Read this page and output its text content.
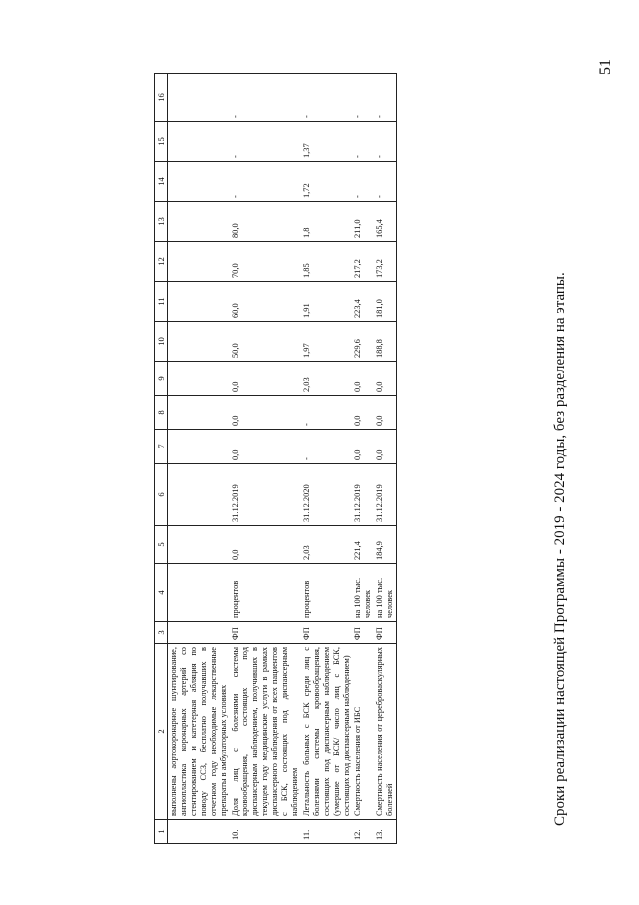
51
1	2	3	4	5	6	7	8	9	10	11	12	13	14	15	16
	выполнены аортокоронарное шунтирование, ангиопластика коронарных артерий со стентированием и катетерная абляция по поводу ССЗ, бесплатно получавших в отчетном году необходимые лекарственные препараты в амбулаторных условиях														
10.	Доля лиц с болезнями системы кровообращения, состоящих под диспансерным наблюдением, получивших в текущем году медицинские услуги в рамках диспансерного наблюдения от всех пациентов с БСК, состоящих под диспансерным наблюдением	ФП	процентов	0,0	31.12.2019	0,0	0,0	0,0	50,0	60,0	70,0	80,0	-	-	-
11.	Летальность больных с БСК среди лиц с болезнями системы кровообращения, состоящих под диспансерным наблюдением (умершие от БСК/ число лиц с БСК, состоящих под диспансерным наблюдением)	ФП	процентов	2,03	31.12.2020	-	-	2,03	1,97	1,91	1,85	1,8	1,72	1,37	-
12.	Смертность населения от ИБС	ФП	на 100 тыс. человек	221,4	31.12.2019	0,0	0,0	0,0	229,6	223,4	217,2	211,0	-	-	-
13.	Смертность населения от цереброваскулярных болезней	ФП	на 100 тыс. человек	184,9	31.12.2019	0,0	0,0	0,0	188,8	181,0	173,2	165,4	-	-	-
Сроки реализации настоящей Программы - 2019 - 2024 годы, без разделения на этапы.
